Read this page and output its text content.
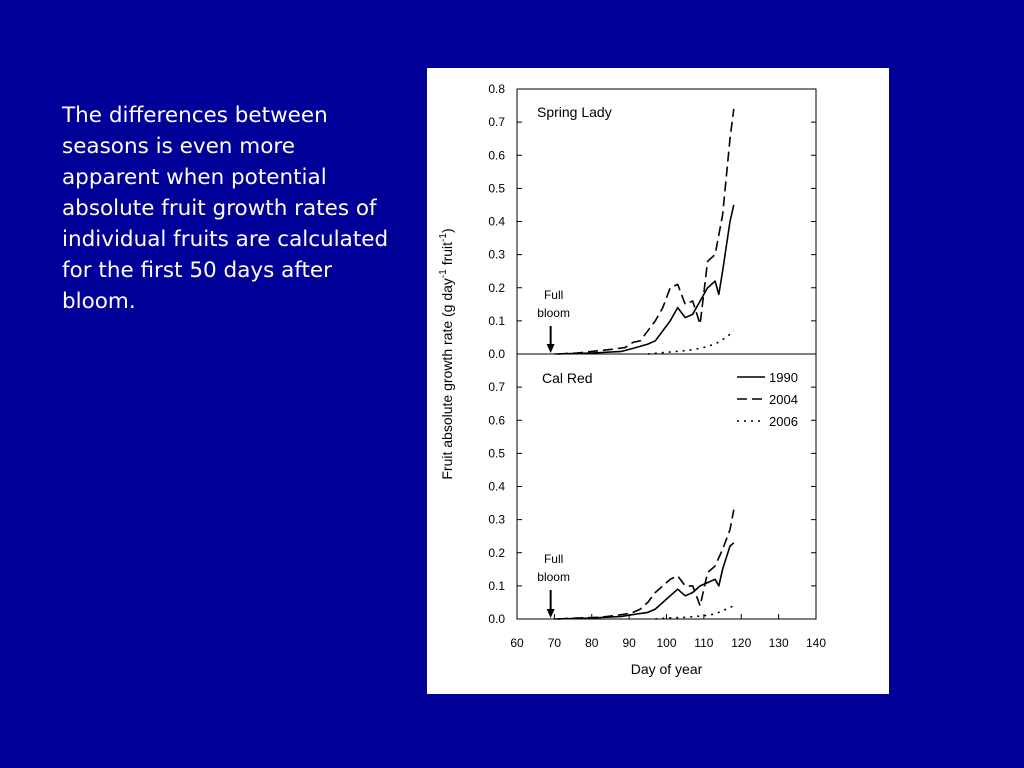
The differences between seasons is even more apparent when potential absolute fruit growth rates of individual fruits are calculated for the first 50 days after bloom.

0.0
0.1
0.2
0.3
0.4
0.5
0.6
0.7
0.8
Spring Lady
Full
bloom
0.0
0.1
0.2
0.3
0.4
0.5
0.6
0.7
Cal Red
Full
bloom
60 70 80 90 100 110 120 130 140
Day of year
1990
2004
2006
Fruit absolute growth rate (g day$^{-1}$ fruit$^{-1}$)
